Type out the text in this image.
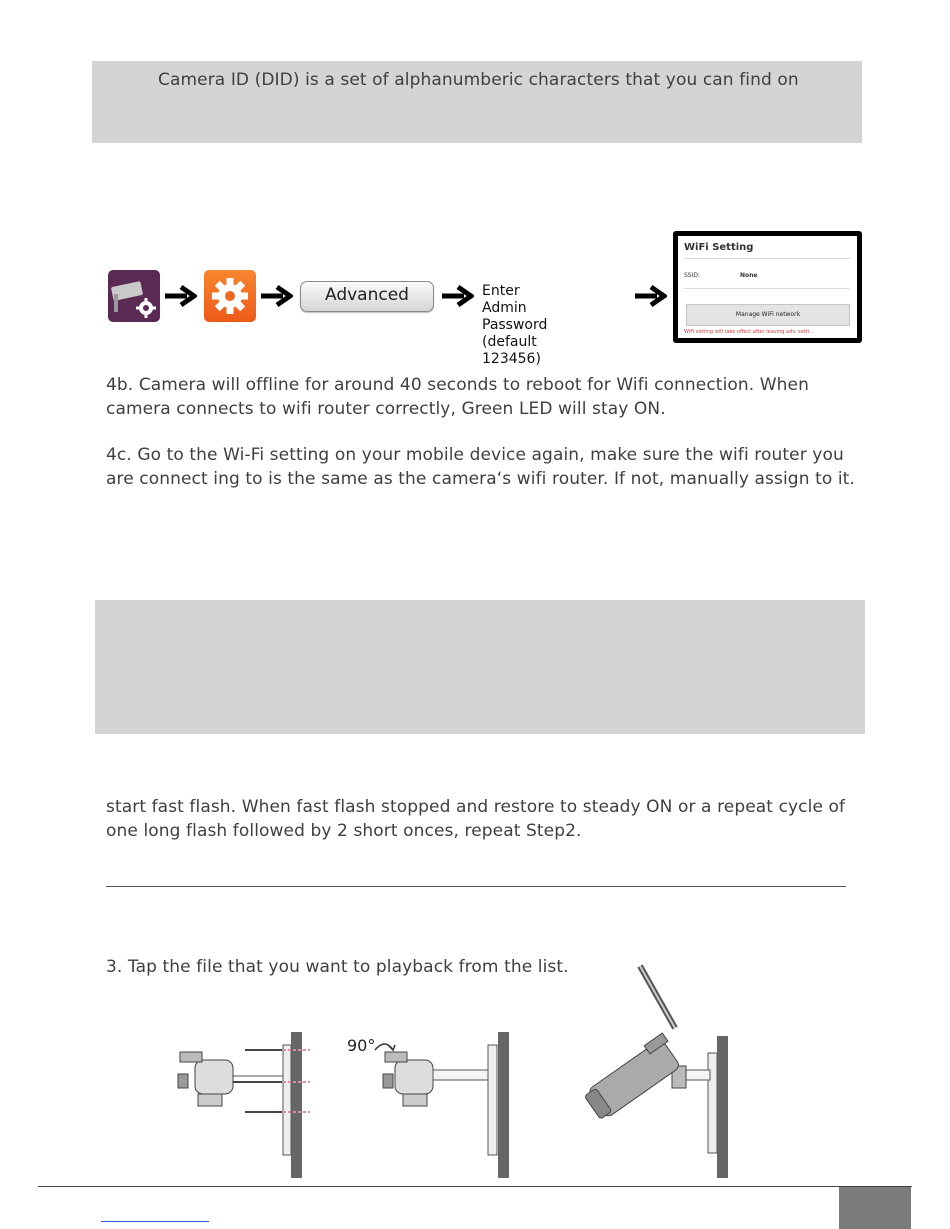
Camera ID (DID) is a set of alphanumberic characters that you can find on
Advanced	Enter Admin Password
(default 123456)
WiFi Setting
SSID:	None
Manage WiFi network
WiFi setting will take effect after leaving adv. setti...
4b. Camera will offline for around 40 seconds to reboot for Wifi connection. When
camera connects to wifi router correctly, Green LED will stay ON.
4c. Go to the Wi-Fi setting on your mobile device again, make sure the wifi router you
are connect ing to is the same as the camera‘s wifi router. If not, manually assign to it.
start fast flash. When fast flash stopped and restore to steady ON or a repeat cycle of
one long flash followed by 2 short onces, repeat Step2.
3. Tap the file that you want to playback from the list.
90°
